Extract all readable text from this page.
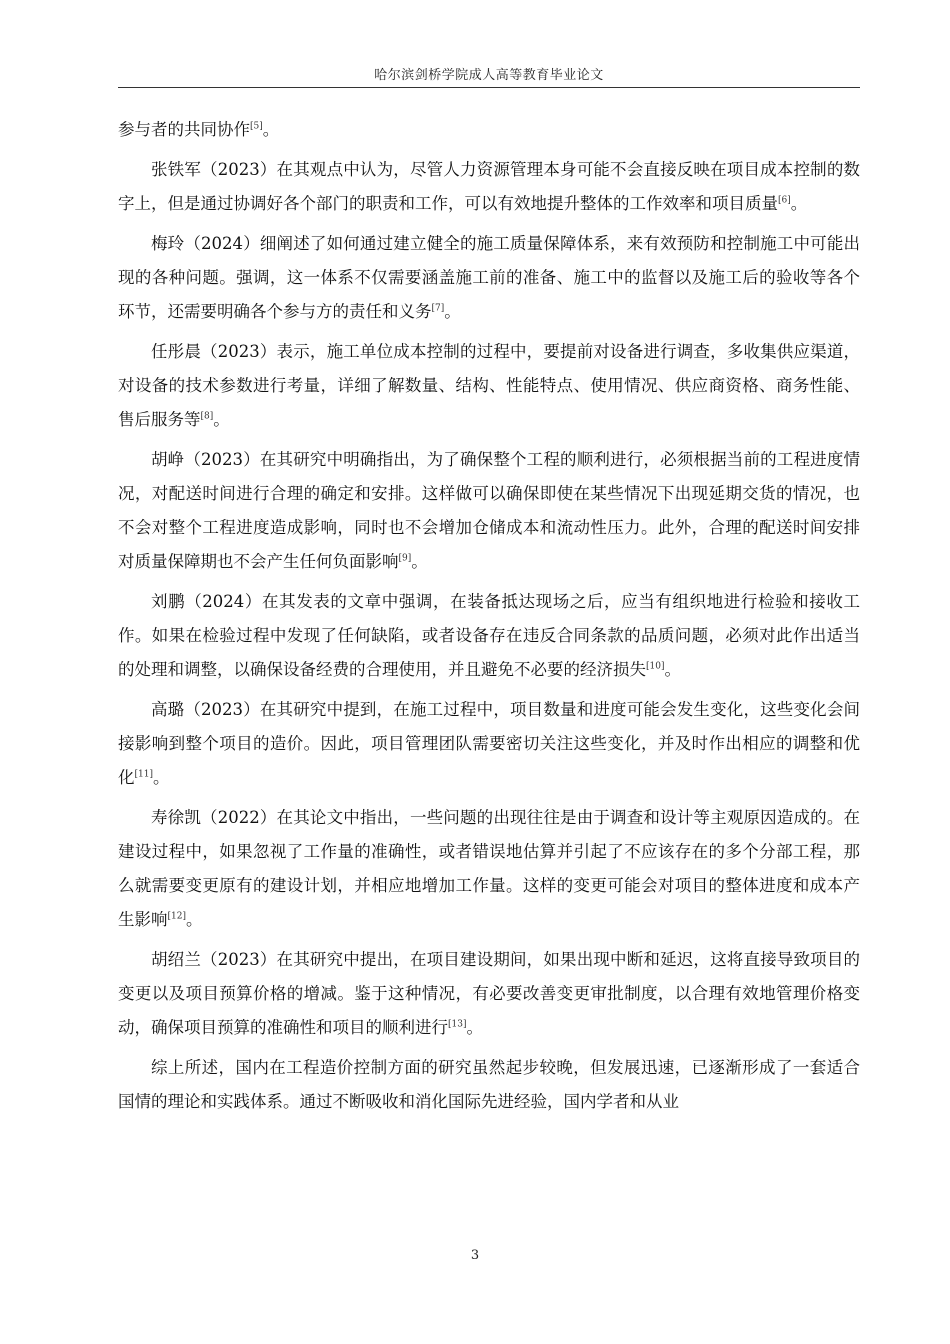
哈尔滨剑桥学院成人高等教育毕业论文

参与者的共同协作[5]。

张铁军（2023）在其观点中认为，尽管人力资源管理本身可能不会直接反映在项目成本控制的数字上，但是通过协调好各个部门的职责和工作，可以有效地提升整体的工作效率和项目质量[6]。

梅玲（2024）细阐述了如何通过建立健全的施工质量保障体系，来有效预防和控制施工中可能出现的各种问题。强调，这一体系不仅需要涵盖施工前的准备、施工中的监督以及施工后的验收等各个环节，还需要明确各个参与方的责任和义务[7]。

任彤晨（2023）表示，施工单位成本控制的过程中，要提前对设备进行调查，多收集供应渠道，对设备的技术参数进行考量，详细了解数量、结构、性能特点、使用情况、供应商资格、商务性能、售后服务等[8]。

胡峥（2023）在其研究中明确指出，为了确保整个工程的顺利进行，必须根据当前的工程进度情况，对配送时间进行合理的确定和安排。这样做可以确保即使在某些情况下出现延期交货的情况，也不会对整个工程进度造成影响，同时也不会增加仓储成本和流动性压力。此外，合理的配送时间安排对质量保障期也不会产生任何负面影响[9]。

刘鹏（2024）在其发表的文章中强调，在装备抵达现场之后，应当有组织地进行检验和接收工作。如果在检验过程中发现了任何缺陷，或者设备存在违反合同条款的品质问题，必须对此作出适当的处理和调整，以确保设备经费的合理使用，并且避免不必要的经济损失[10]。

高璐（2023）在其研究中提到，在施工过程中，项目数量和进度可能会发生变化，这些变化会间接影响到整个项目的造价。因此，项目管理团队需要密切关注这些变化，并及时作出相应的调整和优化[11]。

寿徐凯（2022）在其论文中指出，一些问题的出现往往是由于调查和设计等主观原因造成的。在建设过程中，如果忽视了工作量的准确性，或者错误地估算并引起了不应该存在的多个分部工程，那么就需要变更原有的建设计划，并相应地增加工作量。这样的变更可能会对项目的整体进度和成本产生影响[12]。

胡绍兰（2023）在其研究中提出，在项目建设期间，如果出现中断和延迟，这将直接导致项目的变更以及项目预算价格的增减。鉴于这种情况，有必要改善变更审批制度，以合理有效地管理价格变动，确保项目预算的准确性和项目的顺利进行[13]。

综上所述，国内在工程造价控制方面的研究虽然起步较晚，但发展迅速，已逐渐形成了一套适合国情的理论和实践体系。通过不断吸收和消化国际先进经验，国内学者和从业

3
